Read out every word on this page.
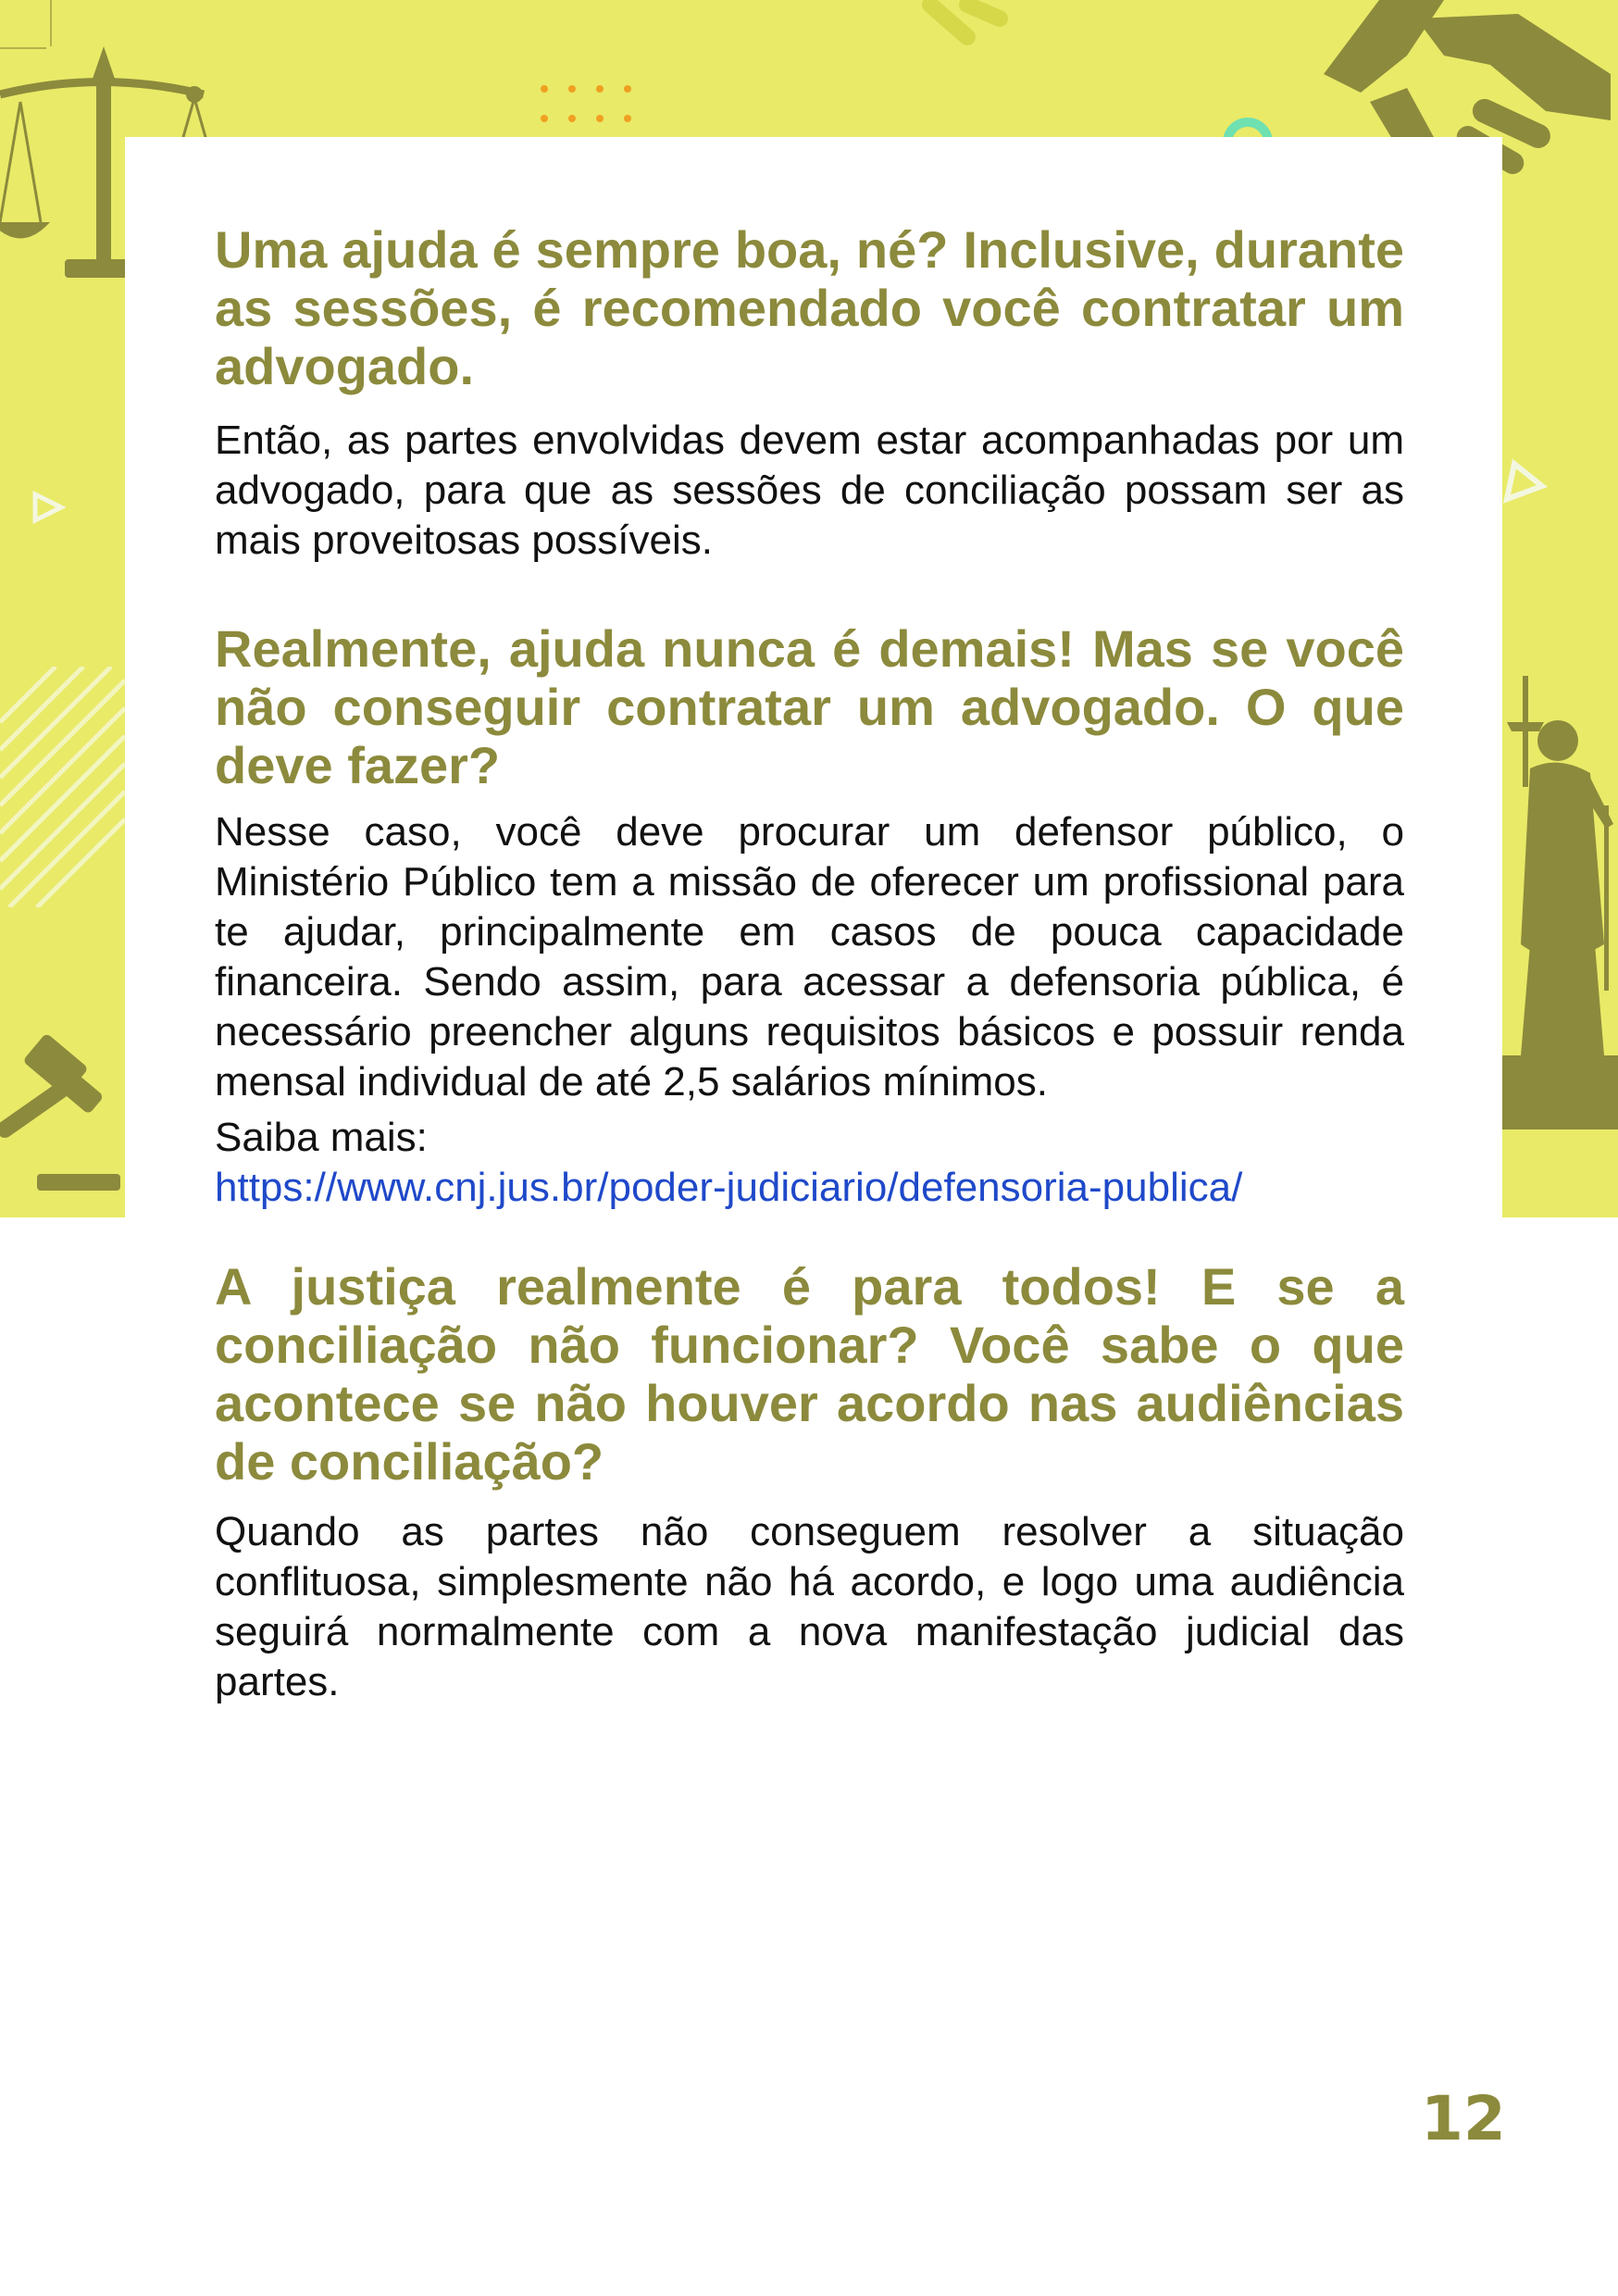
Uma ajuda é sempre boa, né? Inclusive, durante as sessões, é recomendado você contratar um advogado.

Então, as partes envolvidas devem estar acompanhadas por um advogado, para que as sessões de conciliação possam ser as mais proveitosas possíveis.

Realmente, ajuda nunca é demais! Mas se você não conseguir contratar um advogado. O que deve fazer?

Nesse caso, você deve procurar um defensor público, o Ministério Público tem a missão de oferecer um profissional para te ajudar, principalmente em casos de pouca capacidade financeira. Sendo assim, para acessar a defensoria pública, é necessário preencher alguns requisitos básicos e possuir renda mensal individual de até 2,5 salários mínimos.

Saiba mais:

https://www.cnj.jus.br/poder-judiciario/defensoria-publica/

A justiça realmente é para todos! E se a conciliação não funcionar? Você sabe o que acontece se não houver acordo nas audiências de conciliação?

Quando as partes não conseguem resolver a situação conflituosa, simplesmente não há acordo, e logo uma audiência seguirá normalmente com a nova manifestação judicial das partes.

12
